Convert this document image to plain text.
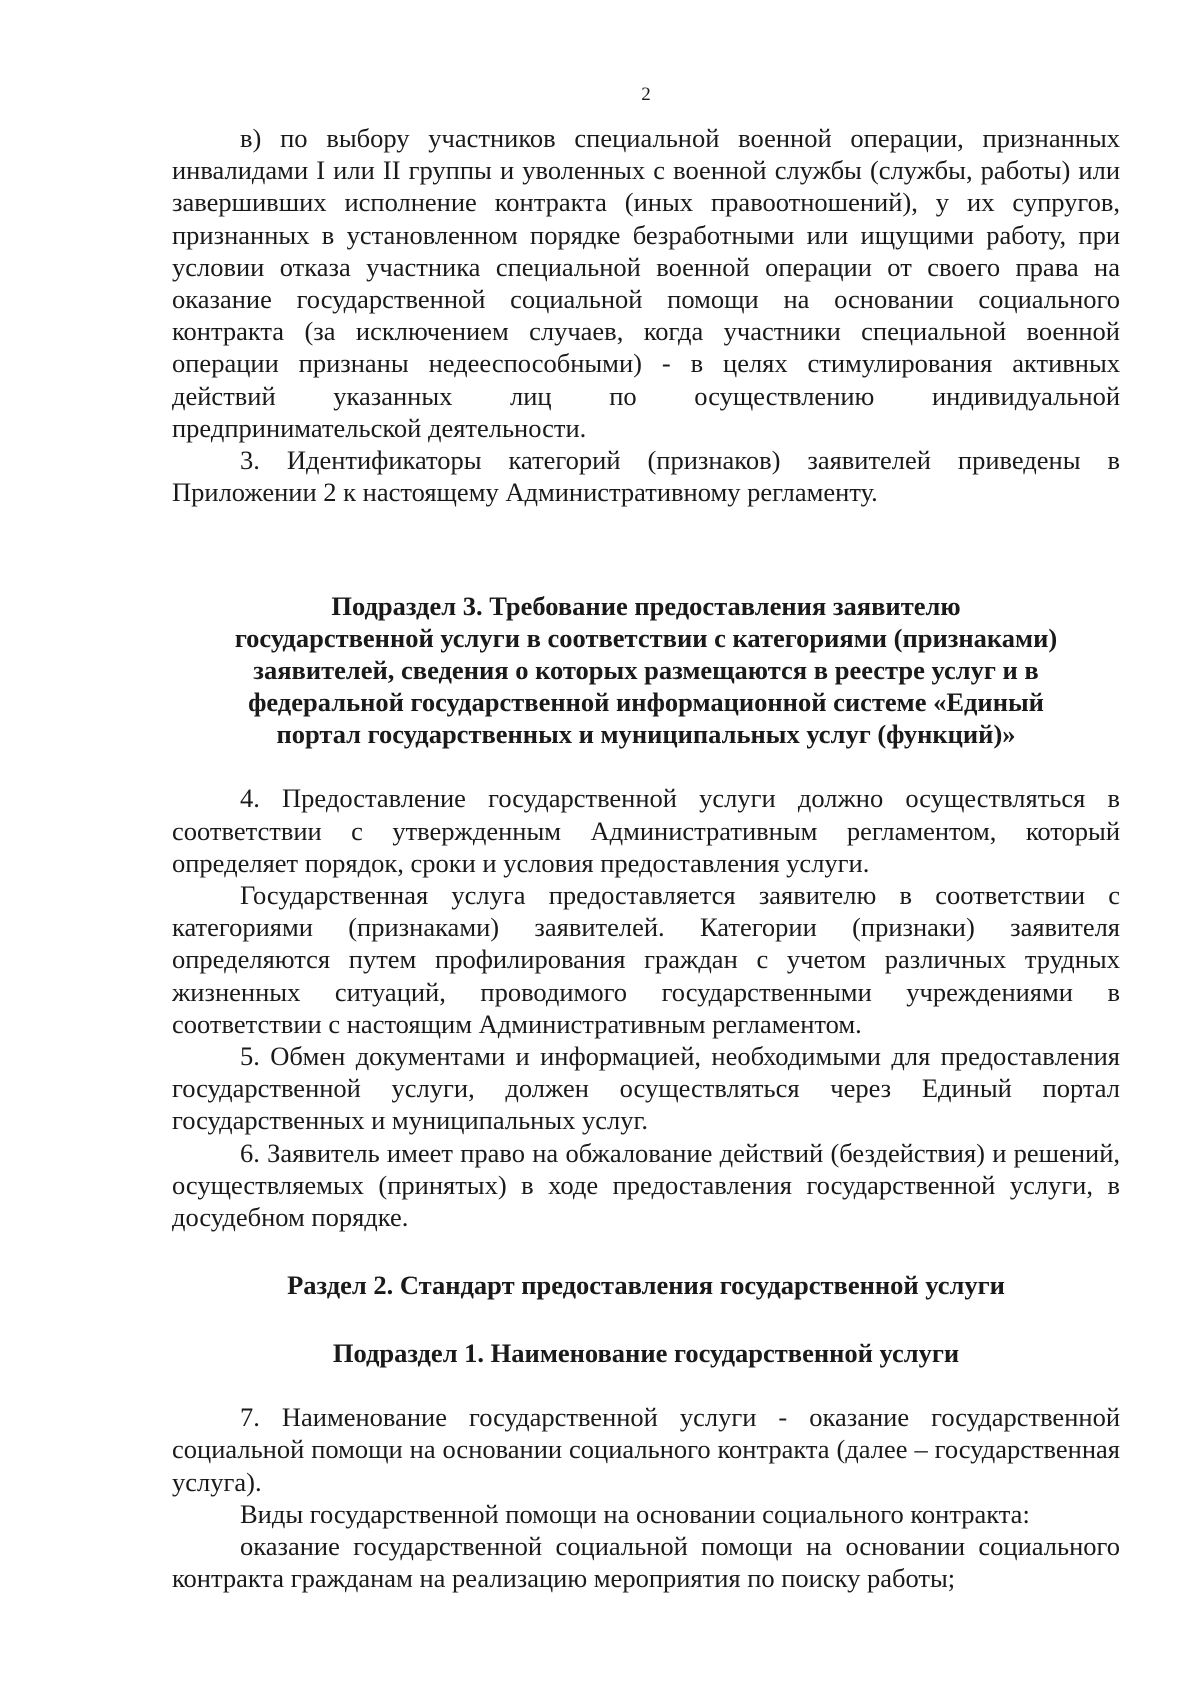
2

в) по выбору участников специальной военной операции, признанных инвалидами I или II группы и уволенных с военной службы (службы, работы) или завершивших исполнение контракта (иных правоотношений), у их супругов, признанных в установленном порядке безработными или ищущими работу, при условии отказа участника специальной военной операции от своего права на оказание государственной социальной помощи на основании социального контракта (за исключением случаев, когда участники специальной военной операции признаны недееспособными) - в целях стимулирования активных действий указанных лиц по осуществлению индивидуальной предпринимательской деятельности.

3. Идентификаторы категорий (признаков) заявителей приведены в Приложении 2 к настоящему Административному регламенту.

Подраздел 3. Требование предоставления заявителю
государственной услуги в соответствии с категориями (признаками)
заявителей, сведения о которых размещаются в реестре услуг и в
федеральной государственной информационной системе «Единый
портал государственных и муниципальных услуг (функций)»

4. Предоставление государственной услуги должно осуществляться в соответствии с утвержденным Административным регламентом, который определяет порядок, сроки и условия предоставления услуги.

Государственная услуга предоставляется заявителю в соответствии с категориями (признаками) заявителей. Категории (признаки) заявителя определяются путем профилирования граждан с учетом различных трудных жизненных ситуаций, проводимого государственными учреждениями в соответствии с настоящим Административным регламентом.

5. Обмен документами и информацией, необходимыми для предоставления государственной услуги, должен осуществляться через Единый портал государственных и муниципальных услуг.

6. Заявитель имеет право на обжалование действий (бездействия) и решений, осуществляемых (принятых) в ходе предоставления государственной услуги, в досудебном порядке.

Раздел 2. Стандарт предоставления государственной услуги
Подраздел 1. Наименование государственной услуги

7. Наименование государственной услуги - оказание государственной социальной помощи на основании социального контракта (далее – государственная услуга).

Виды государственной помощи на основании социального контракта:

оказание государственной социальной помощи на основании социального контракта гражданам на реализацию мероприятия по поиску работы;
